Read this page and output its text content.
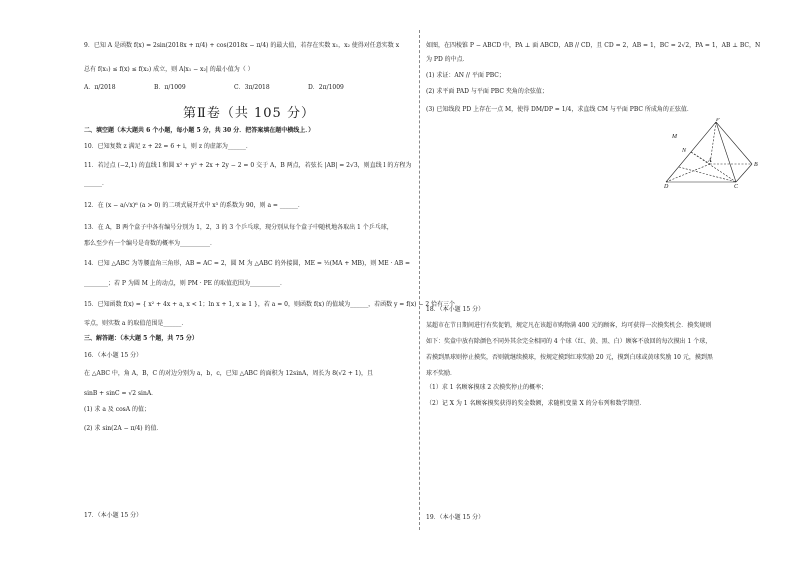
9．已知 A 是函数 f(x) = 2sin(2018x + π/4) + cos(2018x − π/4) 的最大值，若存在实数 x₁，x₂ 使得对任意实数 x
总有 f(x₁) ≤ f(x) ≤ f(x₂) 成立，则 A|x₁ − x₂| 的最小值为（ ）
A．π/2018	B．π/1009	C．3π/2018	D．2π/1009
第Ⅱ卷（共 105 分）
二、填空题（本大题共 6 个小题，每小题 5 分，共 30 分．把答案填在题中横线上．）
10．已知复数 z 满足 z + 2z̄ = 6 + i，则 z 的虚部为______．
11．若过点 (−2,1) 的直线 l 和圆 x² + y² + 2x + 2y − 2 = 0 交于 A，B 两点，若弦长 |AB| = 2√3，则直线 l 的方程为
______．
12．在 (x − a/√x)⁶ (a > 0) 的二项式展开式中 x³ 的系数为 90，则 a = ______．
13．在 A，B 两个盒子中各有编号分别为 1，2，3 的 3 个乒乓球，现分别从每个盒子中随机地各取出 1 个乒乓球，
那么至少有一个编号是奇数的概率为__________．
14．已知 △ABC 为等腰直角三角形，AB = AC = 2，圆 M 为 △ABC 的外接圆，ME = ½(MA + MB)，则 ME · AB =
________；若 P 为圆 M 上的动点，则 PM · PE 的取值范围为__________．
15．已知函数 f(x) = { x² + 4x + a, x < 1；ln x + 1, x ≥ 1 }，若 a = 0，则函数 f(x) 的值域为______，若函数 y = f(x) − 2 恰有三个
零点，则实数 a 的取值范围是______．
三、解答题：（本大题 5 个题，共 75 分）
16．（本小题 15 分）
在 △ABC 中，角 A，B，C 的对边分别为 a，b，c，已知 △ABC 的面积为 12sinA，周长为 8(√2 + 1)，且
sinB + sinC = √2 sinA．
(1) 求 a 及 cosA 的值；
(2) 求 sin(2A − π/4) 的值．
17．（本小题 15 分）
如图，在四棱锥 P − ABCD 中，PA ⊥ 面 ABCD，AB // CD，且 CD = 2，AB = 1，BC = 2√2，PA = 1，AB ⊥ BC，N
为 PD 的中点．
(1) 求证：AN // 平面 PBC；
(2) 求平面 PAD 与平面 PBC 夹角的余弦值；
(3) 已知线段 PD 上存在一点 M，使得 DM/DP = 1/4，求直线 CM 与平面 PBC 所成角的正弦值．
P
M
N
A
B
C
D
18．（本小题 15 分）
某超市在节日期间进行有奖促销，规定凡在该超市购物满 400 元的顾客，均可获得一次摸奖机会．摸奖规则
如下：奖盒中放有除颜色不同外其余完全相同的 4 个球（红、黄、黑、白）顾客不放回的每次摸出 1 个球，
若摸到黑球则停止摸奖，否则就继续摸球，按规定摸到红球奖励 20 元，摸到白球或黄球奖励 10 元，摸到黑
球不奖励．
（1）求 1 名顾客摸球 2 次摸奖停止的概率；
（2）记 X 为 1 名顾客摸奖获得的奖金数额，求随机变量 X 的分布列和数学期望．
19．（本小题 15 分）
